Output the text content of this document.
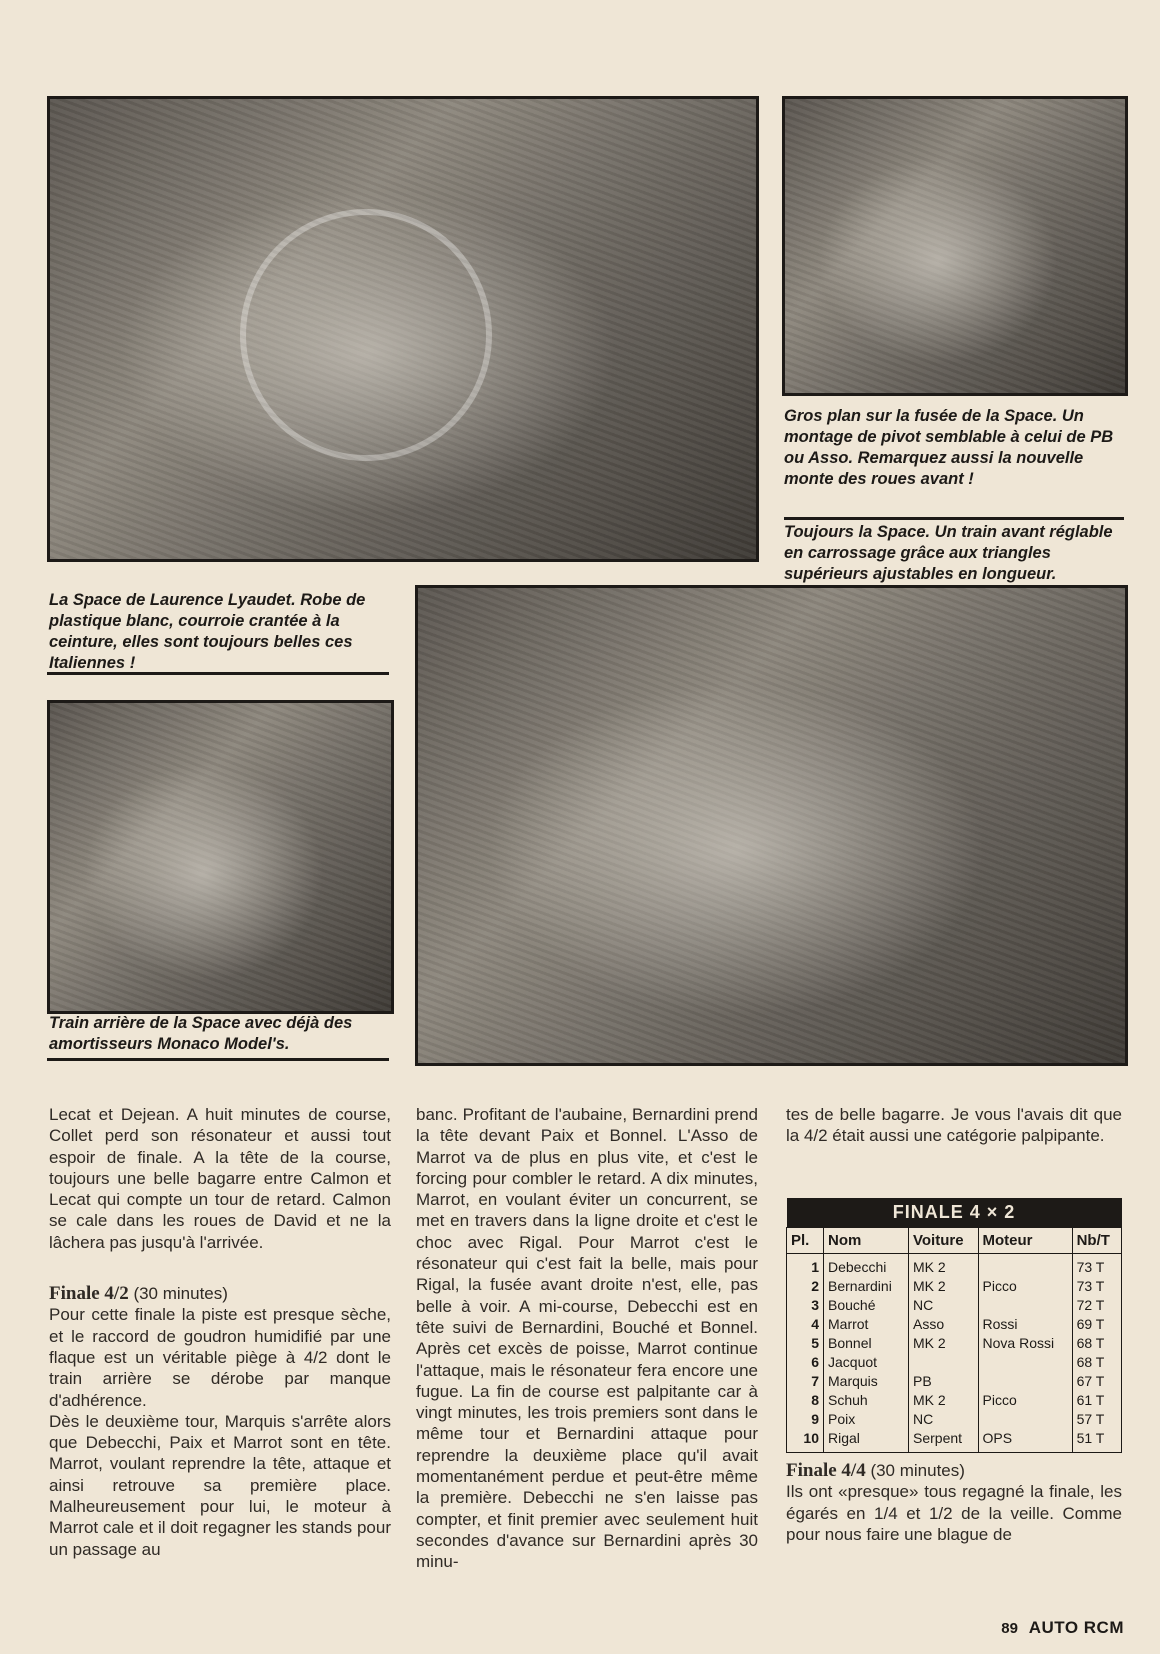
Gros plan sur la fusée de la Space. Un montage de pivot semblable à celui de PB ou Asso. Remarquez aussi la nouvelle monte des roues avant !
Toujours la Space. Un train avant réglable en carrossage grâce aux triangles supérieurs ajustables en longueur.
La Space de Laurence Lyaudet. Robe de plastique blanc, courroie crantée à la ceinture, elles sont toujours belles ces Italiennes !
Train arrière de la Space avec déjà des amortisseurs Monaco Model's.

Lecat et Dejean. A huit minutes de course, Collet perd son résonateur et aussi tout espoir de finale. A la tête de la course, toujours une belle bagarre entre Calmon et Lecat qui compte un tour de retard. Calmon se cale dans les roues de David et ne la lâchera pas jusqu'à l'arrivée.

Finale 4/2 (30 minutes)

Pour cette finale la piste est presque sèche, et le raccord de goudron humidifié par une flaque est un véritable piège à 4/2 dont le train arrière se dérobe par manque d'adhérence.

Dès le deuxième tour, Marquis s'arrête alors que Debecchi, Paix et Marrot sont en tête. Marrot, voulant reprendre la tête, attaque et ainsi retrouve sa première place. Malheureusement pour lui, le moteur à Marrot cale et il doit regagner les stands pour un passage au

banc. Profitant de l'aubaine, Bernardini prend la tête devant Paix et Bonnel. L'Asso de Marrot va de plus en plus vite, et c'est le forcing pour combler le retard. A dix minutes, Marrot, en voulant éviter un concurrent, se met en travers dans la ligne droite et c'est le choc avec Rigal. Pour Marrot c'est le résonateur qui c'est fait la belle, mais pour Rigal, la fusée avant droite n'est, elle, pas belle à voir. A mi-course, Debecchi est en tête suivi de Bernardini, Bouché et Bonnel. Après cet excès de poisse, Marrot continue l'attaque, mais le résonateur fera encore une fugue. La fin de course est palpitante car à vingt minutes, les trois premiers sont dans le même tour et Bernardini attaque pour reprendre la deuxième place qu'il avait momentanément perdue et peut-être même la première. Debecchi ne s'en laisse pas compter, et finit premier avec seulement huit secondes d'avance sur Bernardini après 30 minu-

tes de belle bagarre. Je vous l'avais dit que la 4/2 était aussi une catégorie palpipante.

FINALE 4 × 2				
Pl.	Nom	Voiture	Moteur	Nb/T
1	Debecchi	MK 2		73 T
2	Bernardini	MK 2	Picco	73 T
3	Bouché	NC		72 T
4	Marrot	Asso	Rossi	69 T
5	Bonnel	MK 2	Nova Rossi	68 T
6	Jacquot			68 T
7	Marquis	PB		67 T
8	Schuh	MK 2	Picco	61 T
9	Poix	NC		57 T
10	Rigal	Serpent	OPS	51 T

Finale 4/4 (30 minutes)

Ils ont «presque» tous regagné la finale, les égarés en 1/4 et 1/2 de la veille. Comme pour nous faire une blague de

89 AUTO RCM
